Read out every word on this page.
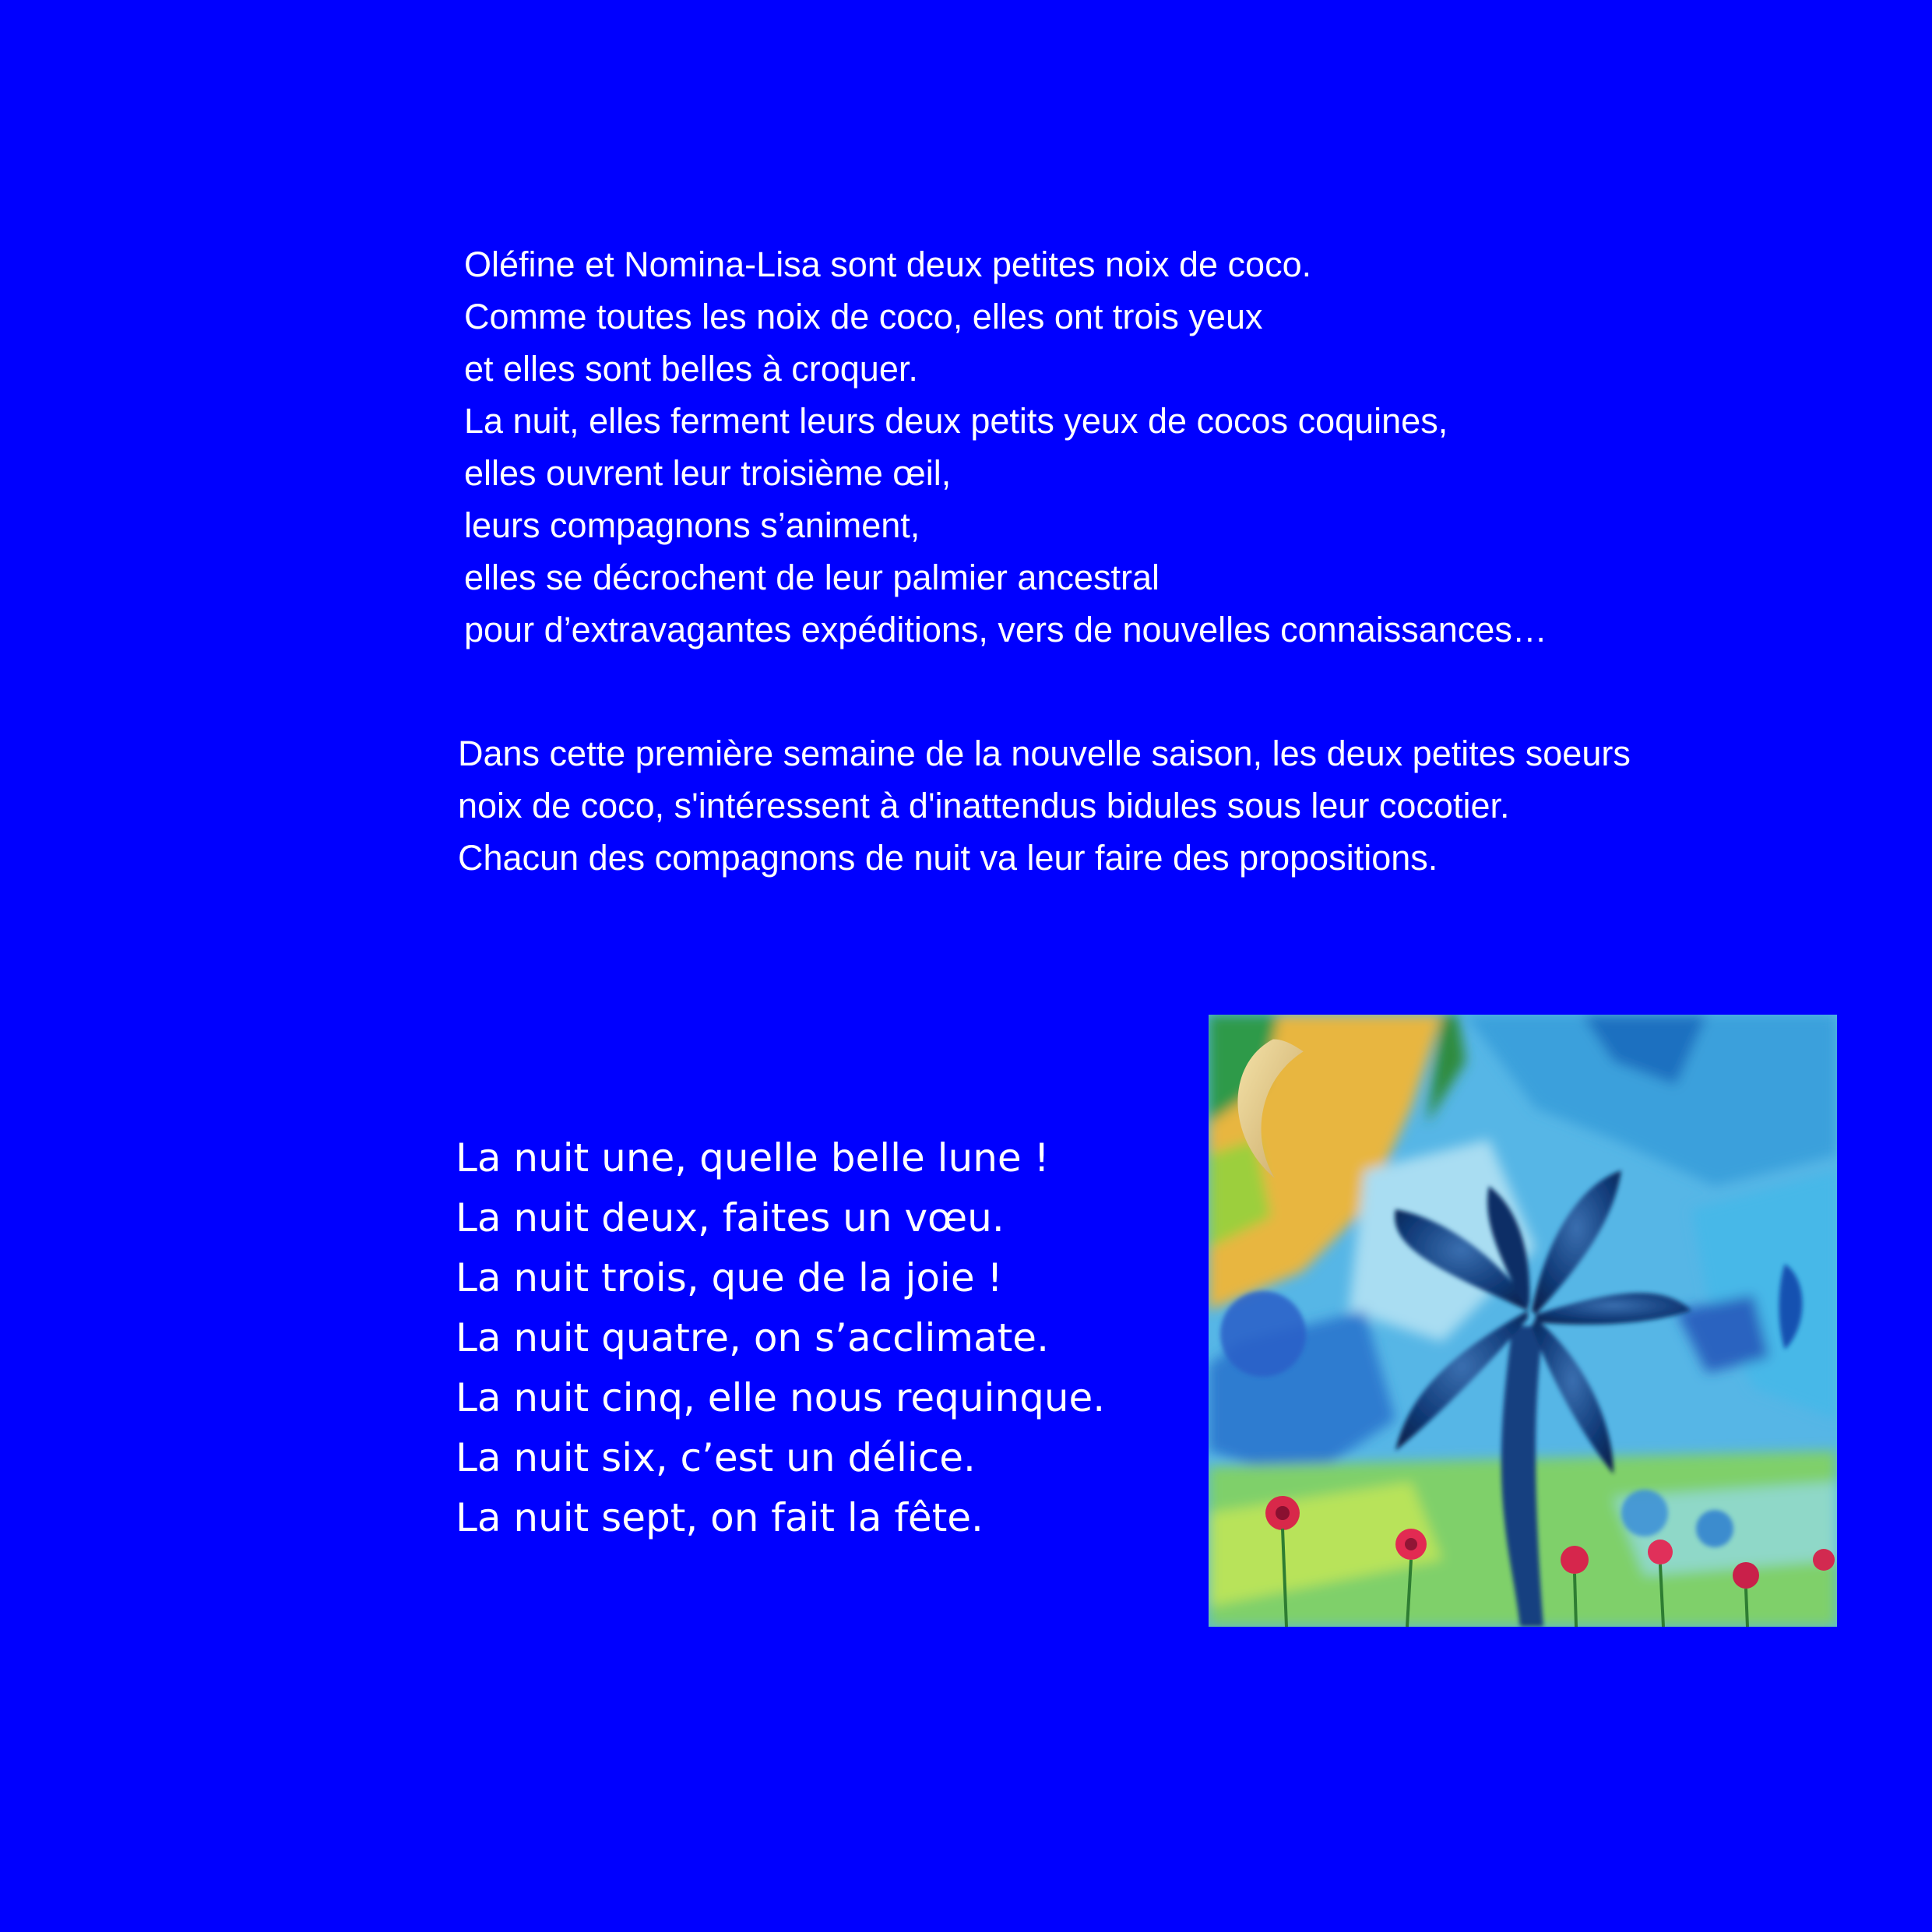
Oléfine et Nomina-Lisa sont deux petites noix de coco.
Comme toutes les noix de coco, elles ont trois yeux
et elles sont belles à croquer.
La nuit, elles ferment leurs deux petits yeux de cocos coquines,
elles ouvrent leur troisième œil,
leurs compagnons s’animent,
elles se décrochent de leur palmier ancestral
pour d’extravagantes expéditions, vers de nouvelles connaissances…
Dans cette première semaine de la nouvelle saison, les deux petites soeurs
noix de coco, s'intéressent à d'inattendus bidules sous leur cocotier.
Chacun des compagnons de nuit va leur faire des propositions.
La nuit une, quelle belle lune !
La nuit deux, faites un vœu.
La nuit trois, que de la joie !
La nuit quatre, on s’acclimate.
La nuit cinq, elle nous requinque.
La nuit six, c’est un délice.
La nuit sept, on fait la fête.
